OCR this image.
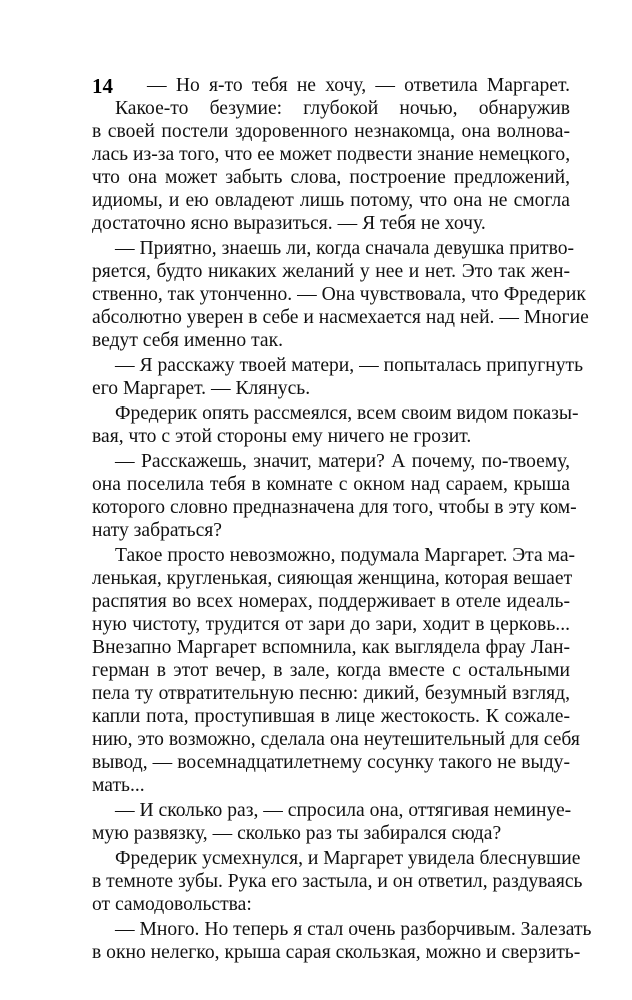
14 — Но я-то тебя не хочу, — ответила Маргарет.
Какое-то безумие: глубокой ночью, обнаружив
в своей постели здоровенного незнакомца, она волнова-
лась из-за того, что ее может подвести знание немецкого,
что она может забыть слова, построение предложений,
идиомы, и ею овладеют лишь потому, что она не смогла
достаточно ясно выразиться. — Я тебя не хочу.
— Приятно, знаешь ли, когда сначала девушка притво-
ряется, будто никаких желаний у нее и нет. Это так жен-
ственно, так утонченно. — Она чувствовала, что Фредерик
абсолютно уверен в себе и насмехается над ней. — Многие
ведут себя именно так.
— Я расскажу твоей матери, — попыталась припугнуть
его Маргарет. — Клянусь.
Фредерик опять рассмеялся, всем своим видом показы-
вая, что с этой стороны ему ничего не грозит.
— Расскажешь, значит, матери? А почему, по-твоему,
она поселила тебя в комнате с окном над сараем, крыша
которого словно предназначена для того, чтобы в эту ком-
нату забраться?
Такое просто невозможно, подумала Маргарет. Эта ма-
ленькая, кругленькая, сияющая женщина, которая вешает
распятия во всех номерах, поддерживает в отеле идеаль-
ную чистоту, трудится от зари до зари, ходит в церковь...
Внезапно Маргарет вспомнила, как выглядела фрау Лан-
герман в этот вечер, в зале, когда вместе с остальными
пела ту отвратительную песню: дикий, безумный взгляд,
капли пота, проступившая в лице жестокость. К сожале-
нию, это возможно, сделала она неутешительный для себя
вывод, — восемнадцатилетнему сосунку такого не выду-
мать...
— И сколько раз, — спросила она, оттягивая неминуе-
мую развязку, — сколько раз ты забирался сюда?
Фредерик усмехнулся, и Маргарет увидела блеснувшие
в темноте зубы. Рука его застыла, и он ответил, раздуваясь
от самодовольства:
— Много. Но теперь я стал очень разборчивым. Залезать
в окно нелегко, крыша сарая скользкая, можно и сверзить-
